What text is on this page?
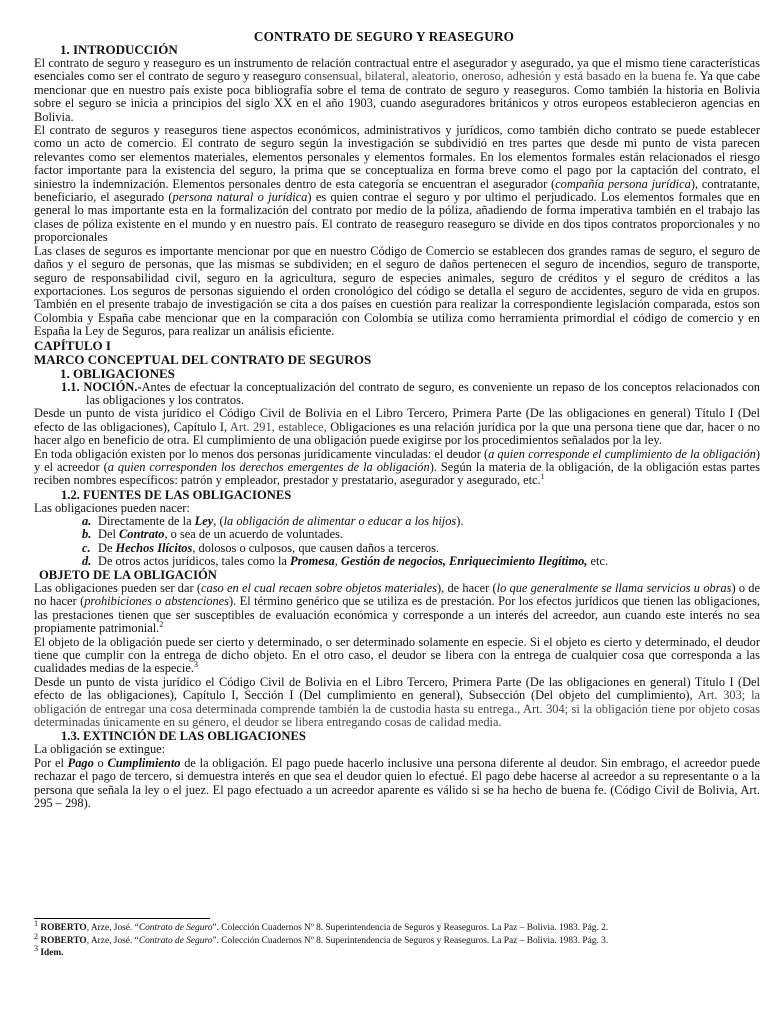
CONTRATO DE SEGURO Y REASEGURO
1. INTRODUCCIÓN

El contrato de seguro y reaseguro es un instrumento de relación contractual entre el asegurador y asegurado, ya que el mismo tiene características esenciales como ser el contrato de seguro y reaseguro consensual, bilateral, aleatorio, oneroso, adhesión y está basado en la buena fe. Ya que cabe mencionar que en nuestro país existe poca bibliografía sobre el tema de contrato de seguro y reaseguros. Como también la historia en Bolivia sobre el seguro se inicia a principios del siglo XX en el año 1903, cuando aseguradores británicos y otros europeos establecieron agencias en Bolivia.

El contrato de seguros y reaseguros tiene aspectos económicos, administrativos y jurídicos, como también dicho contrato se puede establecer como un acto de comercio. El contrato de seguro según la investigación se subdividió en tres partes que desde mi punto de vista parecen relevantes como ser elementos materiales, elementos personales y elementos formales. En los elementos formales están relacionados el riesgo factor importante para la existencia del seguro, la prima que se conceptualiza en forma breve como el pago por la captación del contrato, el siniestro la indemnización. Elementos personales dentro de esta categoría se encuentran el asegurador (compañía persona jurídica), contratante, beneficiario, el asegurado (persona natural o jurídica) es quien contrae el seguro y por ultimo el perjudicado. Los elementos formales que en general lo mas importante esta en la formalización del contrato por medio de la póliza, añadiendo de forma imperativa también en el trabajo las clases de póliza existente en el mundo y en nuestro país. El contrato de reaseguro reaseguro se divide en dos tipos contratos proporcionales y no proporcionales

Las clases de seguros es importante mencionar por que en nuestro Código de Comercio se establecen dos grandes ramas de seguro, el seguro de daños y el seguro de personas, que las mismas se subdividen; en el seguro de daños pertenecen el seguro de incendios, seguro de transporte, seguro de responsabilidad civil, seguro en la agricultura, seguro de especies animales, seguro de créditos y el seguro de créditos a las exportaciones. Los seguros de personas siguiendo el orden cronológico del código se detalla el seguro de accidentes, seguro de vida en grupos. También en el presente trabajo de investigación se cita a dos países en cuestión para realizar la correspondiente legislación comparada, estos son Colombia y España cabe mencionar que en la comparación con Colombia se utiliza como herramienta primordial el código de comercio y en España la Ley de Seguros, para realizar un análisis eficiente.

CAPÍTULO I
MARCO CONCEPTUAL DEL CONTRATO DE SEGUROS
1. OBLIGACIONES

1.1. NOCIÓN.-Antes de efectuar la conceptualización del contrato de seguro, es conveniente un repaso de los conceptos relacionados con las obligaciones y los contratos.

Desde un punto de vista jurídico el Código Civil de Bolivia en el Libro Tercero, Primera Parte (De las obligaciones en general) Título I (Del efecto de las obligaciones), Capítulo I, Art. 291, establece, Obligaciones es una relación jurídica por la que una persona tiene que dar, hacer o no hacer algo en beneficio de otra. El cumplimiento de una obligación puede exigirse por los procedimientos señalados por la ley.

En toda obligación existen por lo menos dos personas jurídicamente vinculadas: el deudor (a quien corresponde el cumplimiento de la obligación) y el acreedor (a quien corresponden los derechos emergentes de la obligación). Según la materia de la obligación, de la obligación estas partes reciben nombres específicos: patrón y empleador, prestador y prestatario, asegurador y asegurado, etc.$^1$

1.2. FUENTES DE LAS OBLIGACIONES

Las obligaciones pueden nacer:

a. Directamente de la Ley, (la obligación de alimentar o educar a los hijos).
b. Del Contrato, o sea de un acuerdo de voluntades.
c. De Hechos Ilícitos, dolosos o culposos, que causen daños a terceros.
d. De otros actos jurídicos, tales como la Promesa, Gestión de negocios, Enriquecimiento Ilegítimo, etc.
OBJETO DE LA OBLIGACIÓN

Las obligaciones pueden ser dar (caso en el cual recaen sobre objetos materiales), de hacer (lo que generalmente se llama servicios u obras) o de no hacer (prohibiciones o abstenciones). El término genérico que se utiliza es de prestación. Por los efectos jurídicos que tienen las obligaciones, las prestaciones tienen que ser susceptibles de evaluación económica y corresponde a un interés del acreedor, aun cuando este interés no sea propiamente patrimonial.$^2$

El objeto de la obligación puede ser cierto y determinado, o ser determinado solamente en especie. Si el objeto es cierto y determinado, el deudor tiene que cumplir con la entrega de dicho objeto. En el otro caso, el deudor se libera con la entrega de cualquier cosa que corresponda a las cualidades medias de la especie.$^3$

Desde un punto de vista jurídico el Código Civil de Bolivia en el Libro Tercero, Primera Parte (De las obligaciones en general) Título I (Del efecto de las obligaciones), Capítulo I, Sección I (Del cumplimiento en general), Subsección (Del objeto del cumplimiento), Art. 303; la obligación de entregar una cosa determinada comprende también la de custodia hasta su entrega., Art. 304; si la obligación tiene por objeto cosas determinadas únicamente en su género, el deudor se libera entregando cosas de calidad media.

1.3. EXTINCIÓN DE LAS OBLIGACIONES

La obligación se extingue:

Por el Pago o Cumplimiento de la obligación. El pago puede hacerlo inclusive una persona diferente al deudor. Sin embrago, el acreedor puede rechazar el pago de tercero, si demuestra interés en que sea el deudor quien lo efectué. El pago debe hacerse al acreedor a su representante o a la persona que señala la ley o el juez. El pago efectuado a un acreedor aparente es válido si se ha hecho de buena fe. (Código Civil de Bolivia, Art. 295 – 298).

$^1$ ROBERTO, Arze, José. “Contrato de Seguro”. Colección Cuadernos Nº 8. Superintendencia de Seguros y Reaseguros. La Paz – Bolivia. 1983. Pág. 2.
$^2$ ROBERTO, Arze, José. “Contrato de Seguro”. Colección Cuadernos Nº 8. Superintendencia de Seguros y Reaseguros. La Paz – Bolivia. 1983. Pág. 3.
$^3$ Idem.
